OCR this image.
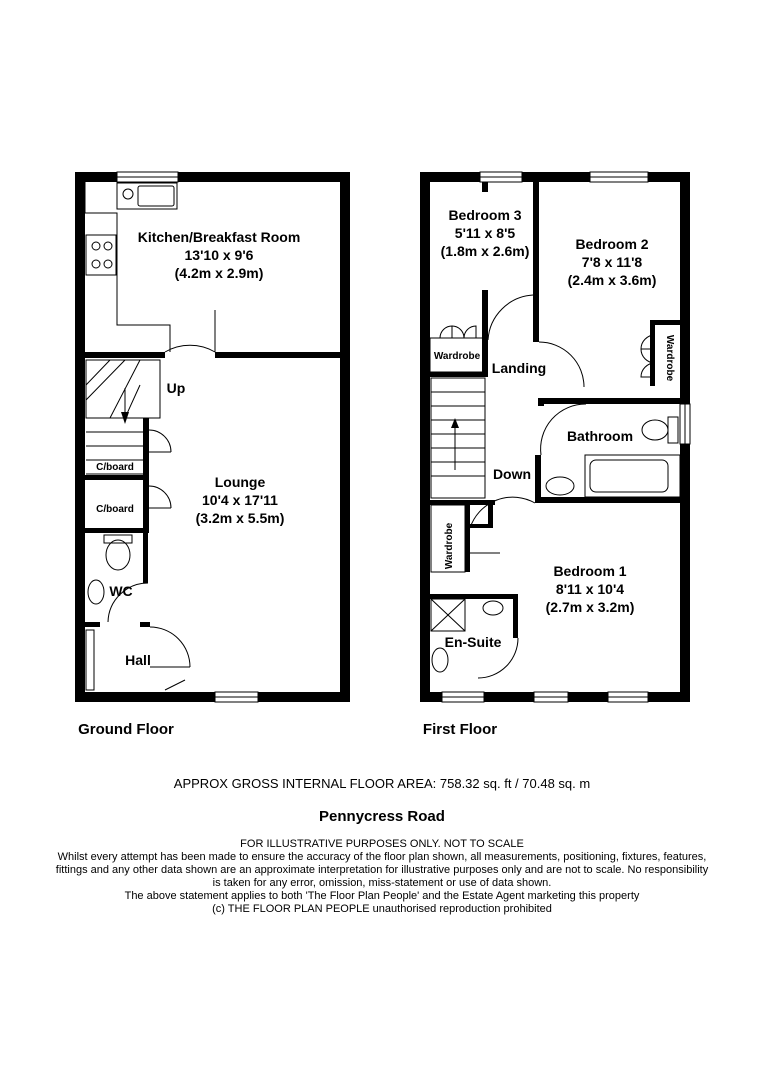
Kitchen/Breakfast Room
13'10 x 9'6
(4.2m x 2.9m)
Lounge
10'4 x 17'11
(3.2m x 5.5m)
Up
C/board
C/board
WC
Hall
Ground Floor	First Floor
Bedroom 3
5'11 x 8'5
(1.8m x 2.6m)	Bedroom 2
7'8 x 11'8
(2.4m x 3.6m)
Bedroom 1
8'11 x 10'4
(2.7m x 3.2m)
Wardrobe
Landing
Bathroom
Down
En-Suite
Wardrobe
Wardrobe
APPROX GROSS INTERNAL FLOOR AREA: 758.32 sq. ft / 70.48 sq. m
Pennycress Road
FOR ILLUSTRATIVE PURPOSES ONLY. NOT TO SCALE
Whilst every attempt has been made to ensure the accuracy of the floor plan shown, all measurements, positioning, fixtures, features,
fittings and any other data shown are an approximate interpretation for illustrative purposes only and are not to scale. No responsibility
is taken for any error, omission, miss-statement or use of data shown.
The above statement applies to both 'The Floor Plan People' and the Estate Agent marketing this property
(c) THE FLOOR PLAN PEOPLE unauthorised reproduction prohibited
